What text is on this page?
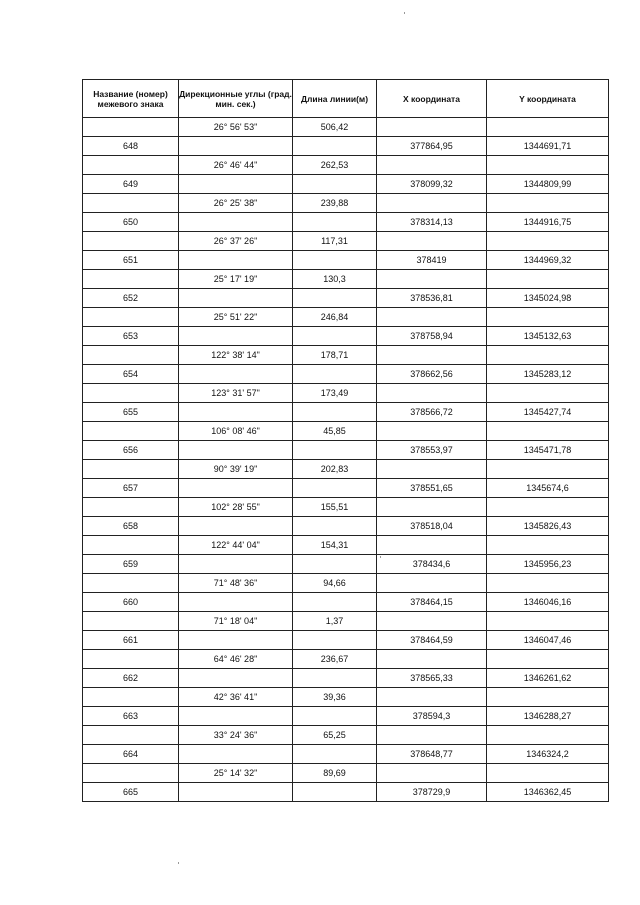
Название (номер) межевого знака	Дирекционные углы (град. мин. сек.)	Длина линии(м)	X координата	Y координата
	26° 56' 53"	506,42		
648			377864,95	1344691,71
	26° 46' 44"	262,53		
649			378099,32	1344809,99
	26° 25' 38"	239,88		
650			378314,13	1344916,75
	26° 37' 26"	117,31		
651			378419	1344969,32
	25° 17' 19"	130,3		
652			378536,81	1345024,98
	25° 51' 22"	246,84		
653			378758,94	1345132,63
	122° 38' 14"	178,71		
654			378662,56	1345283,12
	123° 31' 57"	173,49		
655			378566,72	1345427,74
	106° 08' 46"	45,85		
656			378553,97	1345471,78
	90° 39' 19"	202,83		
657			378551,65	1345674,6
	102° 28' 55"	155,51		
658			378518,04	1345826,43
	122° 44' 04"	154,31		
659			378434,6	1345956,23
	71° 48' 36"	94,66		
660			378464,15	1346046,16
	71° 18' 04"	1,37		
661			378464,59	1346047,46
	64° 46' 28"	236,67		
662			378565,33	1346261,62
	42° 36' 41"	39,36		
663			378594,3	1346288,27
	33° 24' 36"	65,25		
664			378648,77	1346324,2
	25° 14' 32"	89,69		
665			378729,9	1346362,45
